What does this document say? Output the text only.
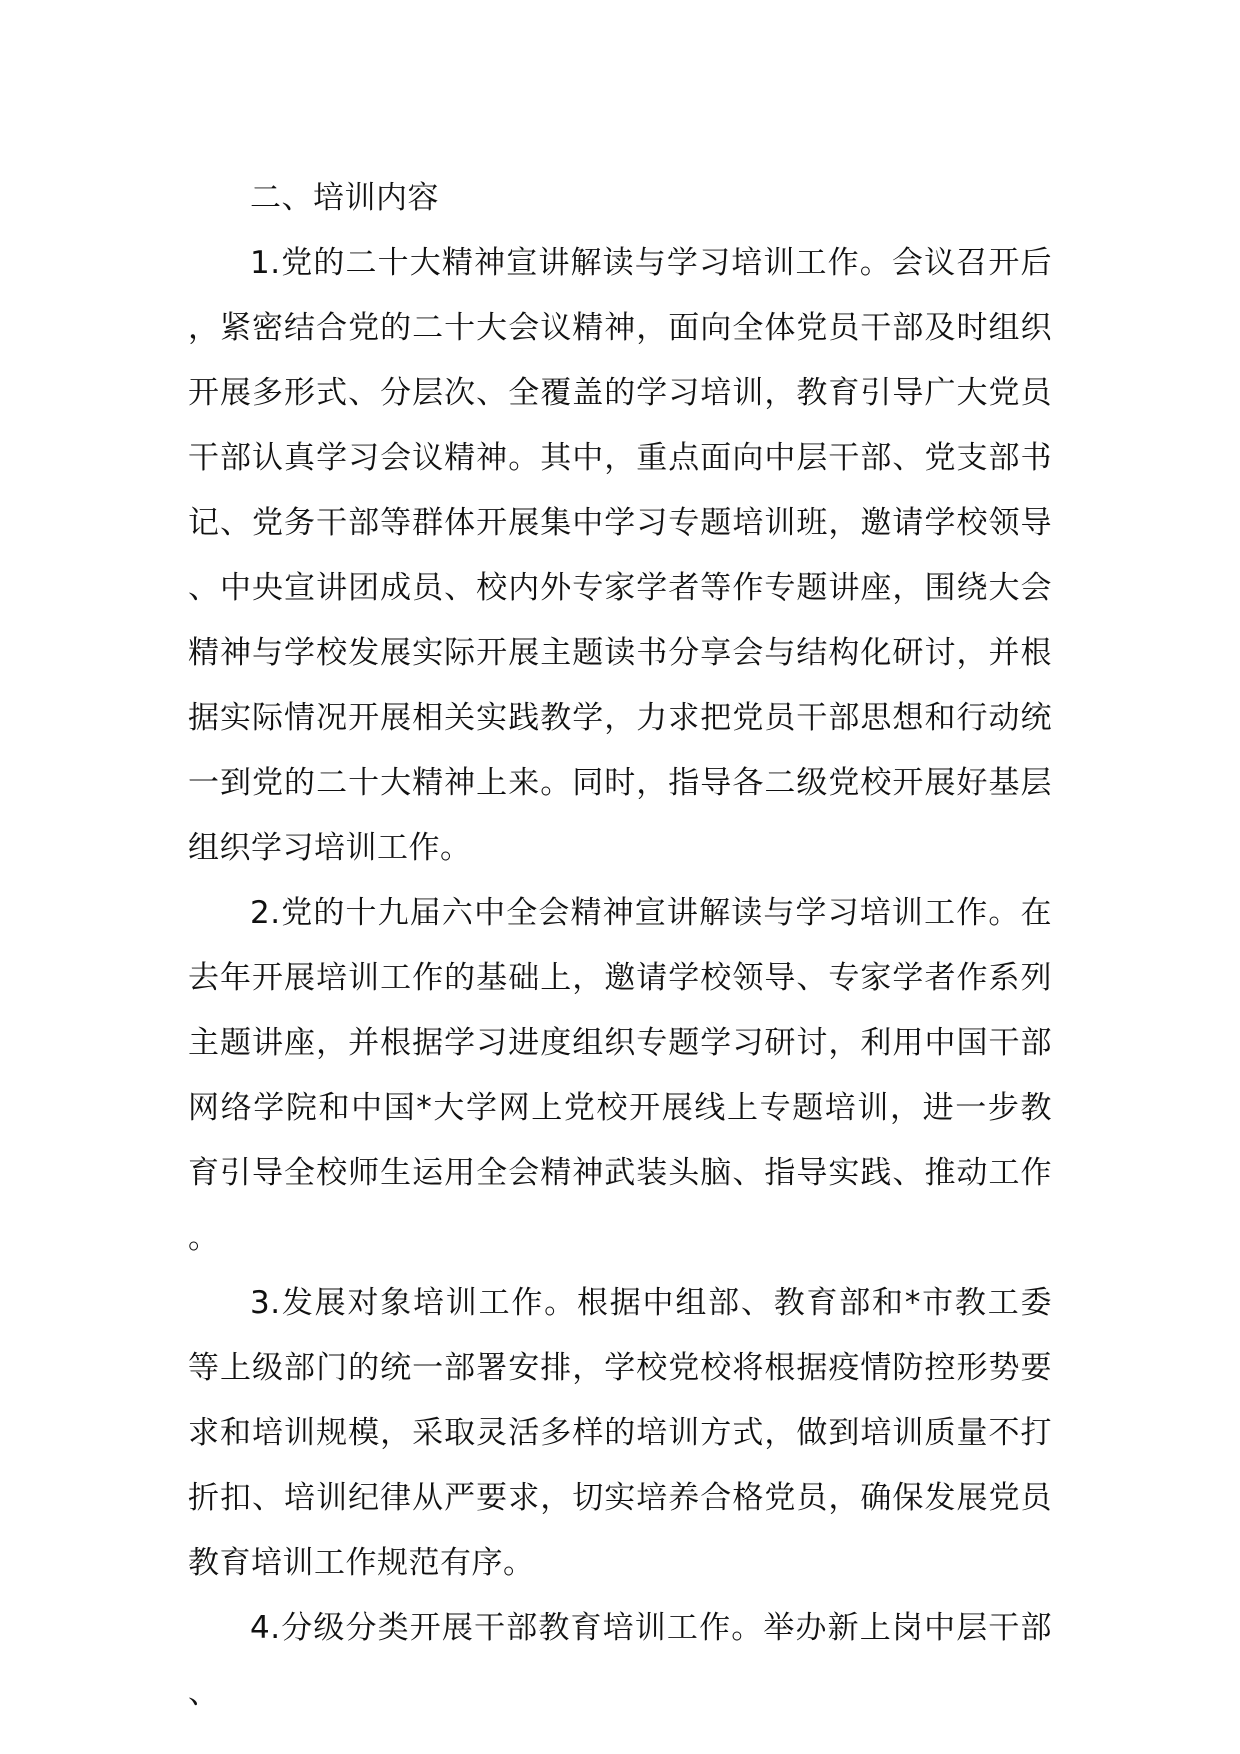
二、培训内容

1.党的二十大精神宣讲解读与学习培训工作。会议召开后，紧密结合党的二十大会议精神，面向全体党员干部及时组织开展多形式、分层次、全覆盖的学习培训，教育引导广大党员干部认真学习会议精神。其中，重点面向中层干部、党支部书记、党务干部等群体开展集中学习专题培训班，邀请学校领导、中央宣讲团成员、校内外专家学者等作专题讲座，围绕大会精神与学校发展实际开展主题读书分享会与结构化研讨，并根据实际情况开展相关实践教学，力求把党员干部思想和行动统一到党的二十大精神上来。同时，指导各二级党校开展好基层组织学习培训工作。

2.党的十九届六中全会精神宣讲解读与学习培训工作。在去年开展培训工作的基础上，邀请学校领导、专家学者作系列主题讲座，并根据学习进度组织专题学习研讨，利用中国干部网络学院和中国*大学网上党校开展线上专题培训，进一步教育引导全校师生运用全会精神武装头脑、指导实践、推动工作。

3.发展对象培训工作。根据中组部、教育部和*市教工委等上级部门的统一部署安排，学校党校将根据疫情防控形势要求和培训规模，采取灵活多样的培训方式，做到培训质量不打折扣、培训纪律从严要求，切实培养合格党员，确保发展党员教育培训工作规范有序。

4.分级分类开展干部教育培训工作。举办新上岗中层干部、
